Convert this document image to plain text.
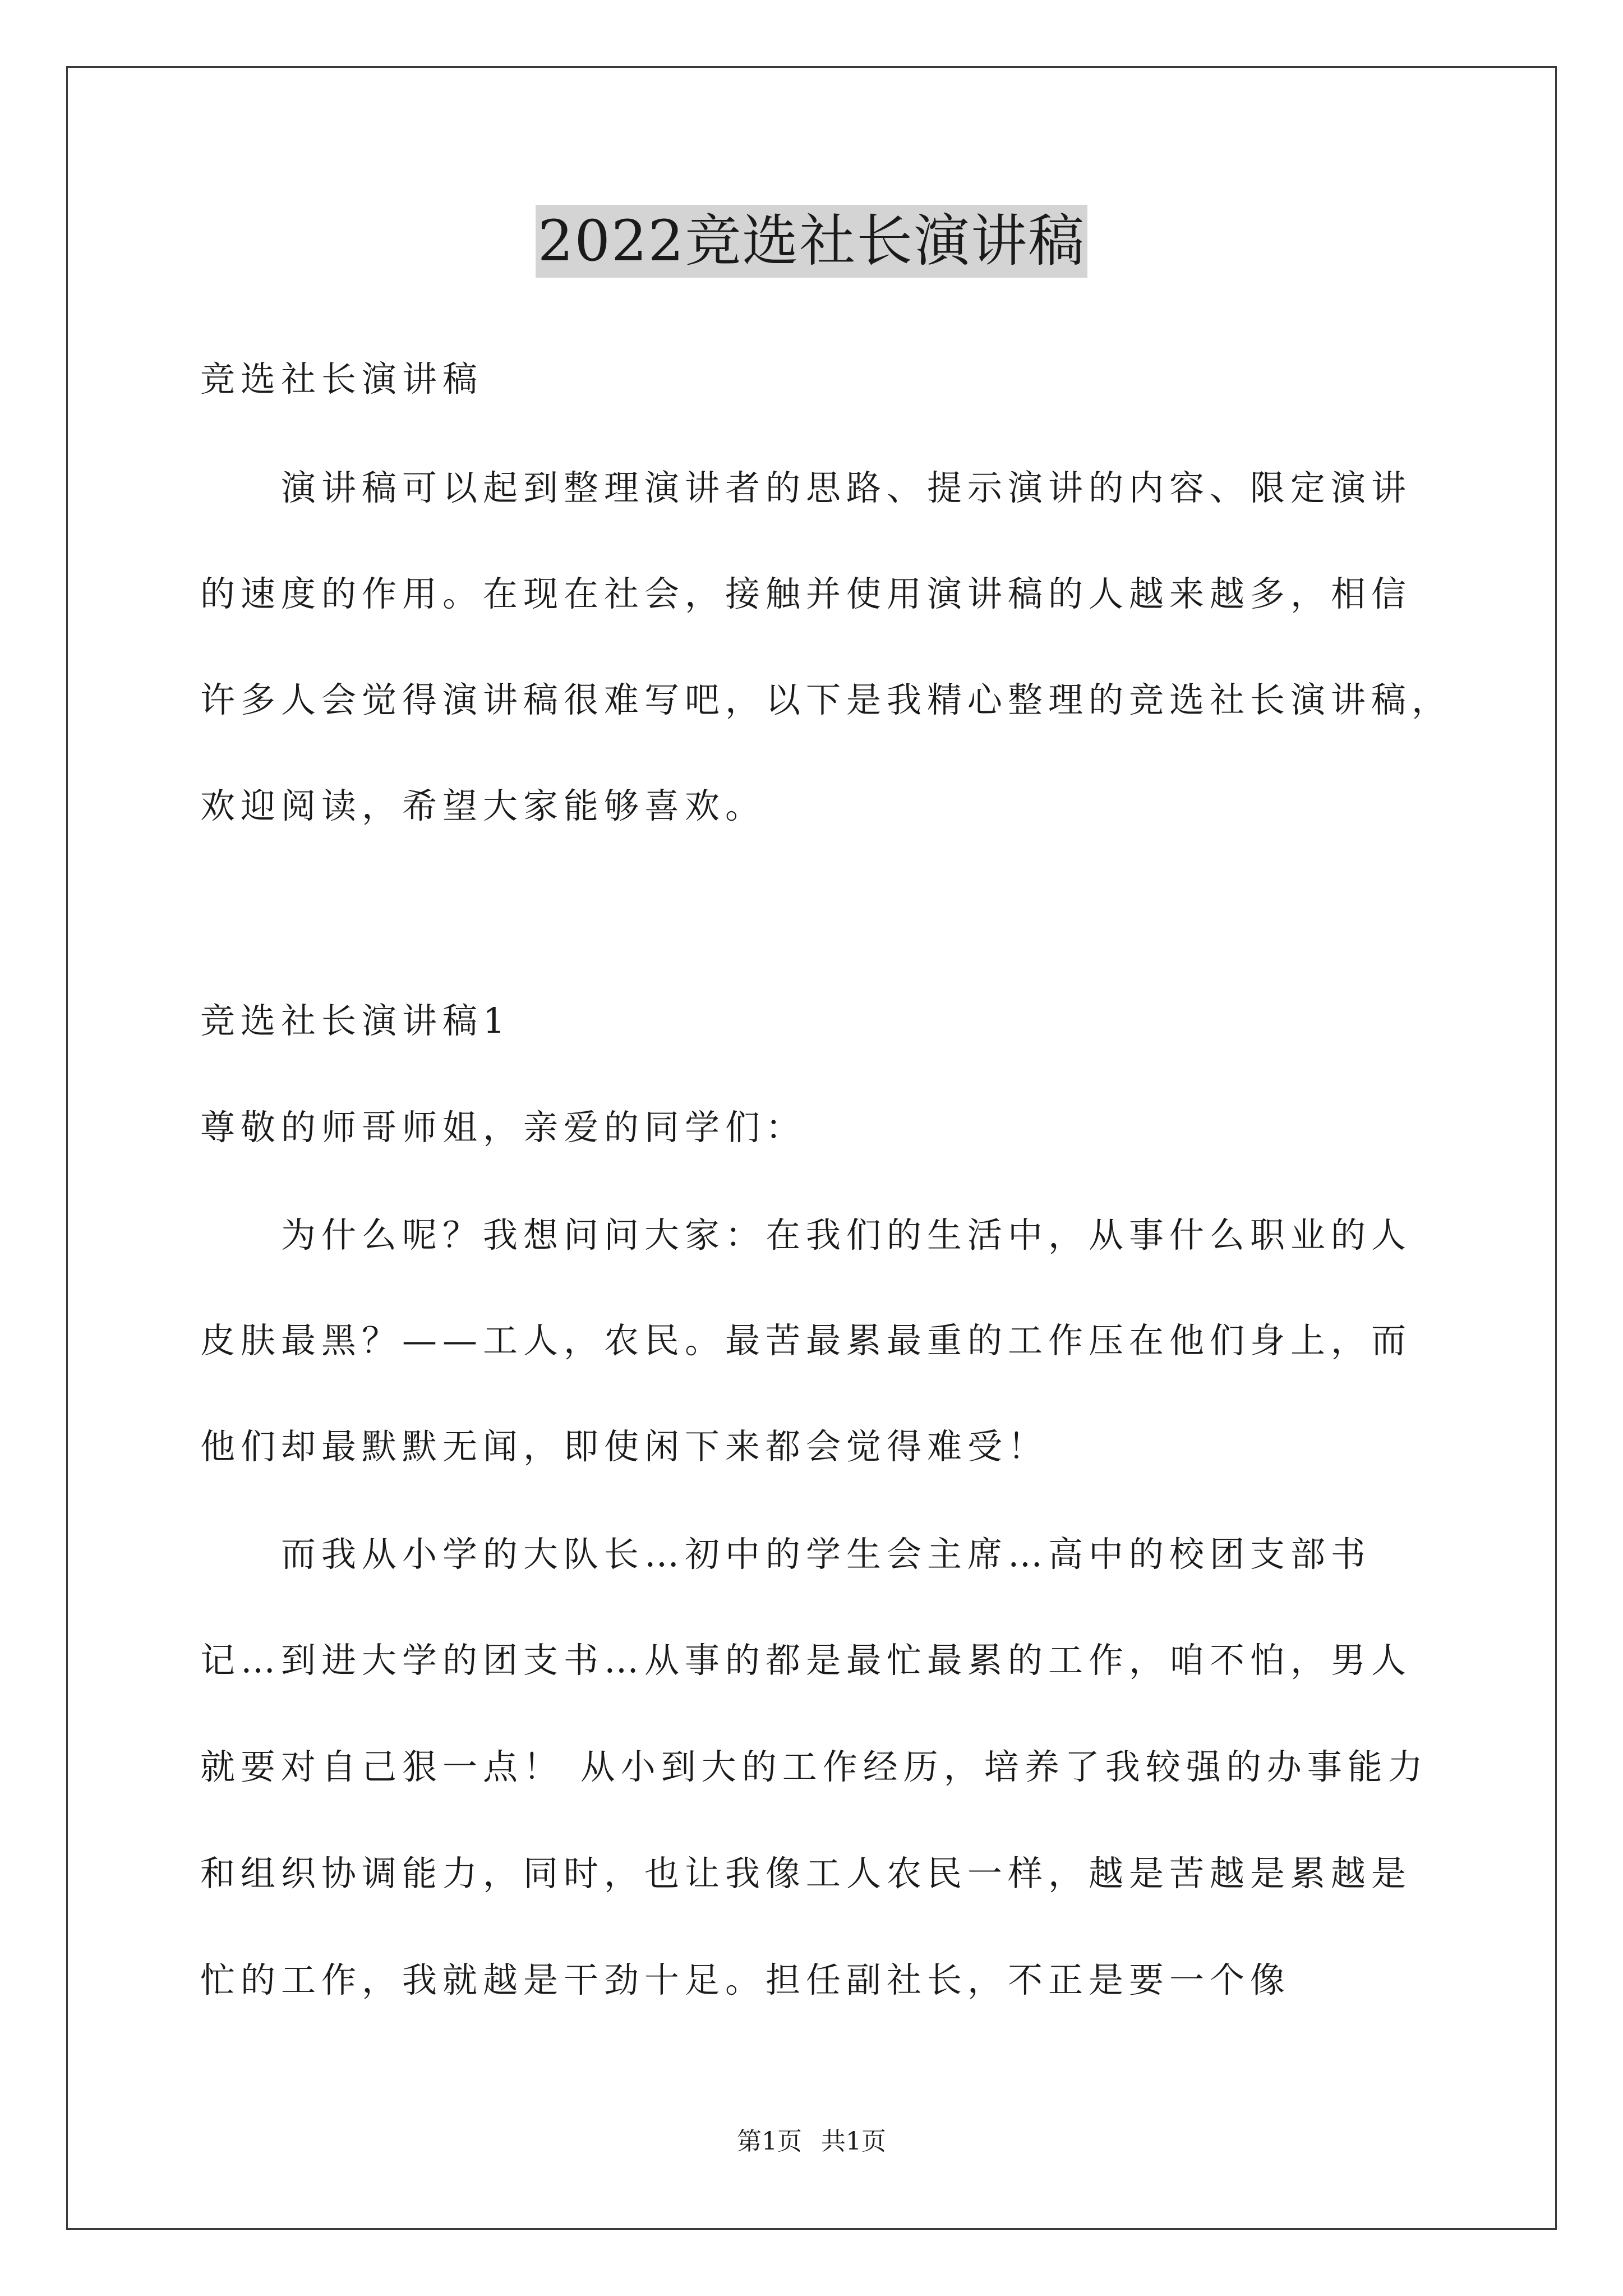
2022竞选社长演讲稿
竞选社长演讲稿
　　演讲稿可以起到整理演讲者的思路、提示演讲的内容、限定演讲
的速度的作用。在现在社会，接触并使用演讲稿的人越来越多，相信
许多人会觉得演讲稿很难写吧，以下是我精心整理的竞选社长演讲稿，
欢迎阅读，希望大家能够喜欢。
竞选社长演讲稿1
尊敬的师哥师姐，亲爱的同学们：
　　为什么呢？我想问问大家：在我们的生活中，从事什么职业的人
皮肤最黑？——工人，农民。最苦最累最重的工作压在他们身上，而
他们却最默默无闻，即使闲下来都会觉得难受！
　　而我从小学的大队长…初中的学生会主席…高中的校团支部书
记…到进大学的团支书…从事的都是最忙最累的工作，咱不怕，男人
就要对自己狠一点！ 从小到大的工作经历，培养了我较强的办事能力
和组织协调能力，同时，也让我像工人农民一样，越是苦越是累越是
忙的工作，我就越是干劲十足。担任副社长，不正是要一个像
第1页 共1页
